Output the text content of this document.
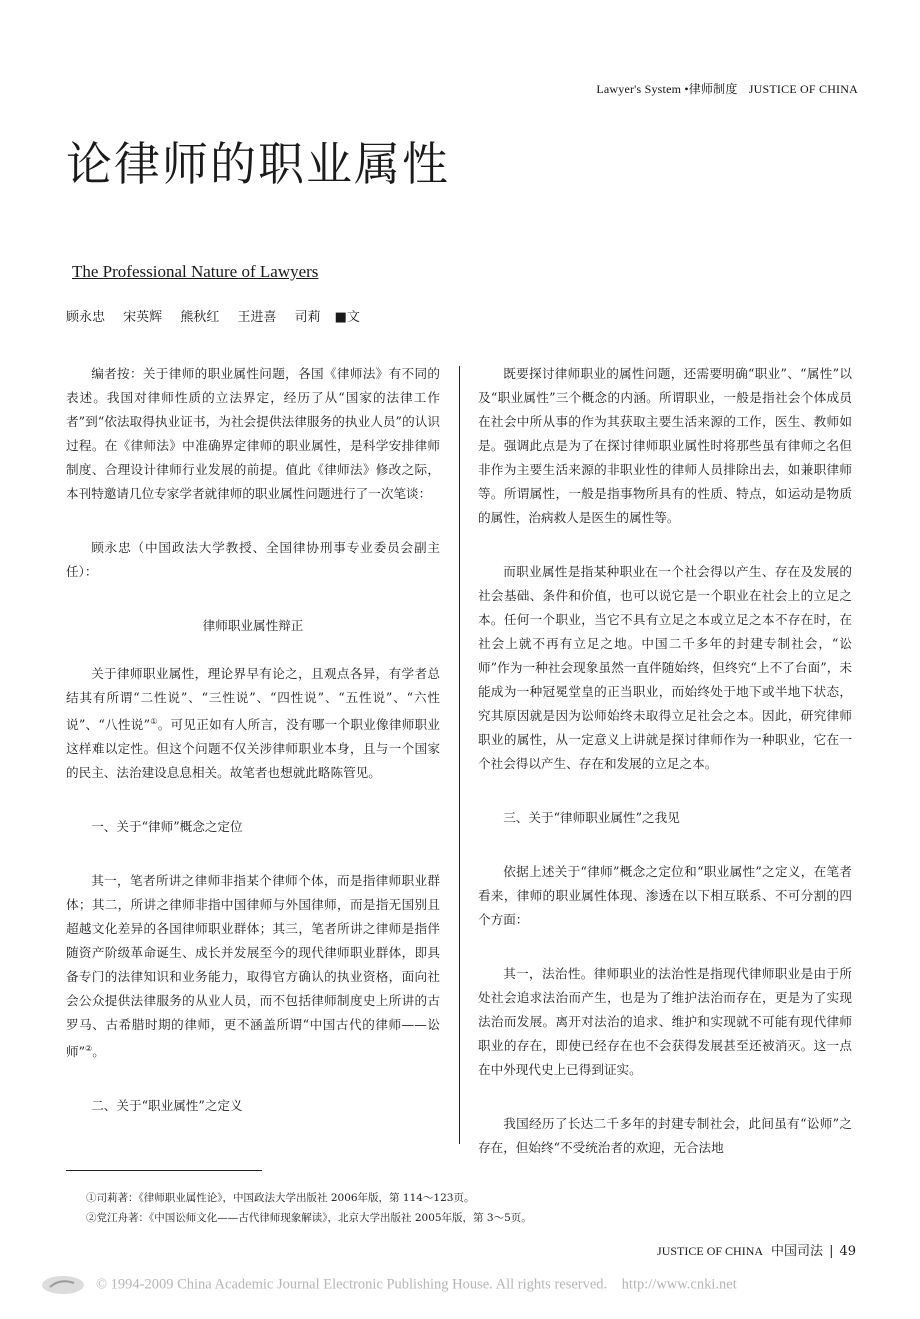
Lawyer's System •律师制度 JUSTICE OF CHINA
论律师的职业属性
The Professional Nature of Lawyers
顾永忠 宋英辉 熊秋红 王进喜 司莉 ■文

编者按：关于律师的职业属性问题，各国《律师法》有不同的表述。我国对律师性质的立法界定，经历了从“国家的法律工作者”到“依法取得执业证书，为社会提供法律服务的执业人员”的认识过程。在《律师法》中准确界定律师的职业属性，是科学安排律师制度、合理设计律师行业发展的前提。值此《律师法》修改之际，本刊特邀请几位专家学者就律师的职业属性问题进行了一次笔谈：

顾永忠（中国政法大学教授、全国律协刑事专业委员会副主任）：

律师职业属性辩正

关于律师职业属性，理论界早有论之，且观点各异，有学者总结其有所谓“二性说”、“三性说”、“四性说”、“五性说”、“六性说”、“八性说”①。可见正如有人所言，没有哪一个职业像律师职业这样难以定性。但这个问题不仅关涉律师职业本身，且与一个国家的民主、法治建设息息相关。故笔者也想就此略陈管见。

一、关于“律师”概念之定位

其一，笔者所讲之律师非指某个律师个体，而是指律师职业群体；其二，所讲之律师非指中国律师与外国律师，而是指无国别且超越文化差异的各国律师职业群体；其三，笔者所讲之律师是指伴随资产阶级革命诞生、成长并发展至今的现代律师职业群体，即具备专门的法律知识和业务能力，取得官方确认的执业资格，面向社会公众提供法律服务的从业人员，而不包括律师制度史上所讲的古罗马、古希腊时期的律师，更不涵盖所谓“中国古代的律师——讼师”②。

二、关于“职业属性”之定义

既要探讨律师职业的属性问题，还需要明确“职业”、“属性”以及“职业属性”三个概念的内涵。所谓职业，一般是指社会个体成员在社会中所从事的作为其获取主要生活来源的工作，医生、教师如是。强调此点是为了在探讨律师职业属性时将那些虽有律师之名但非作为主要生活来源的非职业性的律师人员排除出去，如兼职律师等。所谓属性，一般是指事物所具有的性质、特点，如运动是物质的属性，治病救人是医生的属性等。

而职业属性是指某种职业在一个社会得以产生、存在及发展的社会基础、条件和价值，也可以说它是一个职业在社会上的立足之本。任何一个职业，当它不具有立足之本或立足之本不存在时，在社会上就不再有立足之地。中国二千多年的封建专制社会，“讼师”作为一种社会现象虽然一直伴随始终，但终究“上不了台面”，未能成为一种冠冕堂皇的正当职业，而始终处于地下或半地下状态，究其原因就是因为讼师始终未取得立足社会之本。因此，研究律师职业的属性，从一定意义上讲就是探讨律师作为一种职业，它在一个社会得以产生、存在和发展的立足之本。

三、关于“律师职业属性”之我见

依据上述关于“律师”概念之定位和“职业属性”之定义，在笔者看来，律师的职业属性体现、渗透在以下相互联系、不可分割的四个方面：

其一，法治性。律师职业的法治性是指现代律师职业是由于所处社会追求法治而产生，也是为了维护法治而存在，更是为了实现法治而发展。离开对法治的追求、维护和实现就不可能有现代律师职业的存在，即使已经存在也不会获得发展甚至还被消灭。这一点在中外现代史上已得到证实。

我国经历了长达二千多年的封建专制社会，此间虽有“讼师”之存在，但始终“不受统治者的欢迎，无合法地

①司莉著：《律师职业属性论》，中国政法大学出版社 2006年版，第 114～123页。
②党江舟著：《中国讼师文化——古代律师现象解读》，北京大学出版社 2005年版，第 3～5页。
JUSTICE OF CHINA 中国司法 | 49
© 1994-2009 China Academic Journal Electronic Publishing House. All rights reserved.    http://www.cnki.net
